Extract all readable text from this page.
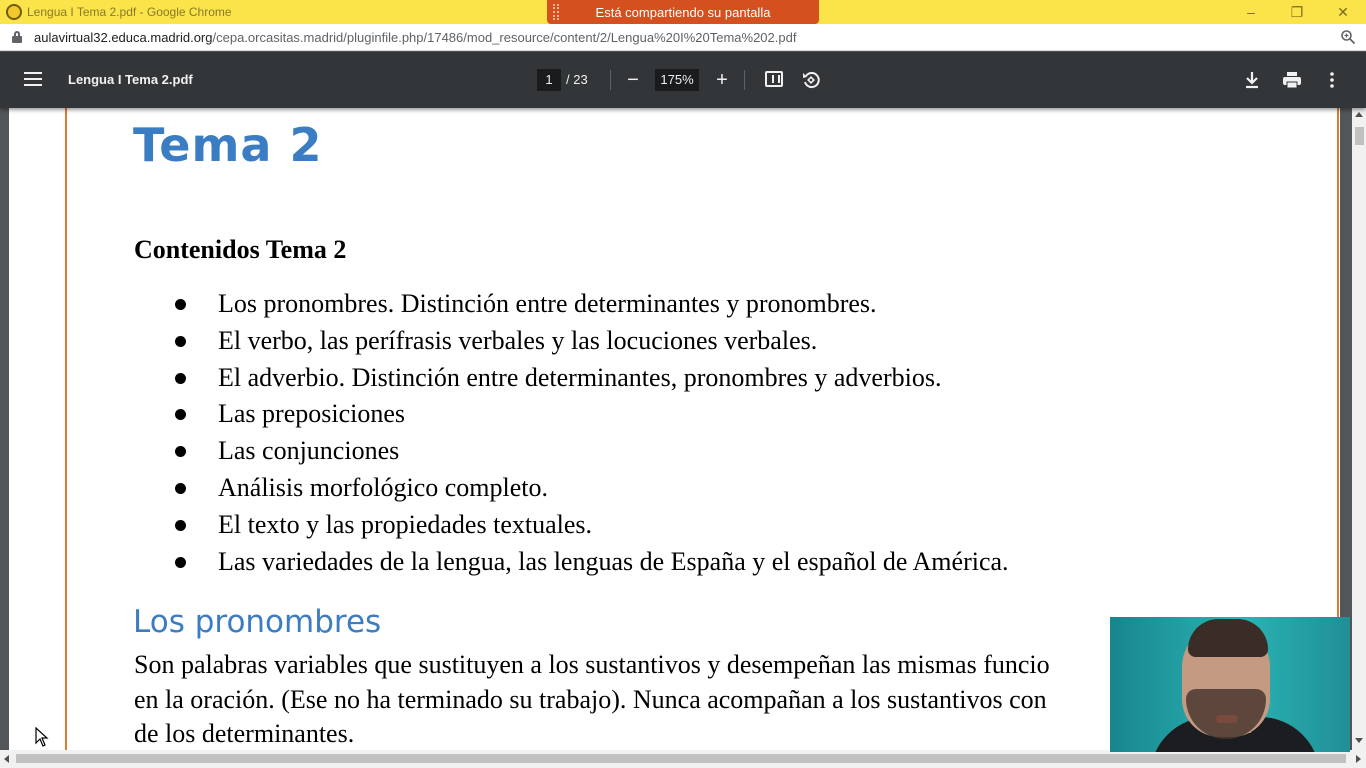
Lengua I Tema 2.pdf - Google Chrome	Está compartiendo su pantalla	–	❐	✕
aulavirtual32.educa.madrid.org/cepa.orcasitas.madrid/pluginfile.php/17486/mod_resource/content/2/Lengua%20I%20Tema%202.pdf
Lengua I Tema 2.pdf	1	/ 23	−	175%	+
Tema 2
Contenidos Tema 2
Los pronombres. Distinción entre determinantes y pronombres.
El verbo, las perífrasis verbales y las locuciones verbales.
El adverbio. Distinción entre determinantes, pronombres y adverbios.
Las preposiciones
Las conjunciones
Análisis morfológico completo.
El texto y las propiedades textuales.
Las variedades de la lengua, las lenguas de España y el español de América.
Los pronombres
Son palabras variables que sustituyen a los sustantivos y desempeñan las mismas funcio
en la oración. (Ese no ha terminado su trabajo). Nunca acompañan a los sustantivos con
de los determinantes.
